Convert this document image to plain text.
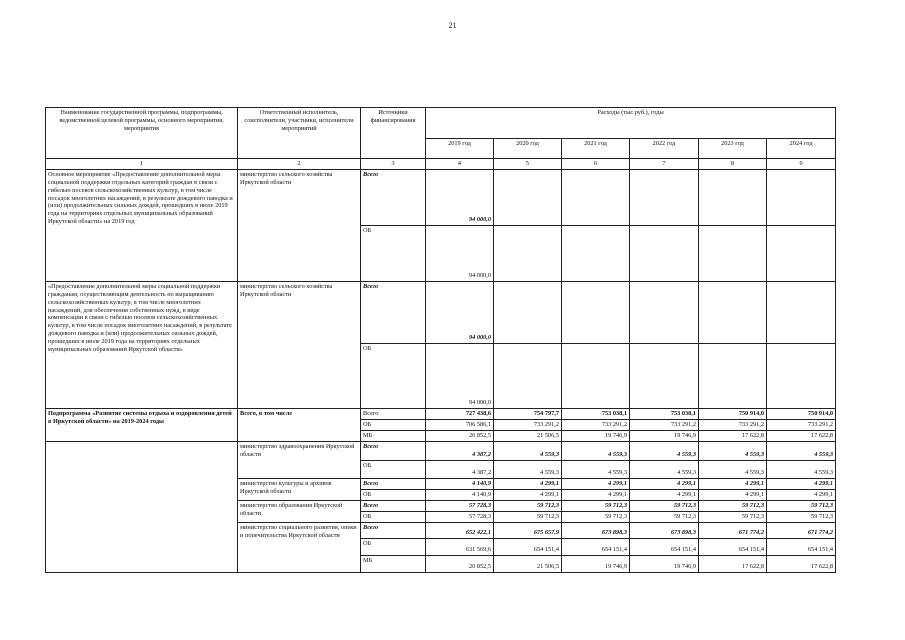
21
Наименование государственной программы, подпрограммы, ведомственной целевой программы, основного мероприятия, мероприятия	Ответственный исполнитель, соисполнители, участники, исполнители мероприятий	Источники финансирования	Расходы (тыс.руб.), годы					
			2019 год	2020 год	2021 год	2022 год	2023 год	2024 год
1	2	3	4	5	6	7	8	9
Основное мероприятие «Предоставление дополнительной меры социальной поддержки отдельных категорий граждан в связи с гибелью посевов сельскохозяйственных культур, в том числе посадок многолетних насаждений, в результате дождевого паводка и (или) продолжительных сильных дождей, прошедших в июле 2019 года на территориях отдельных муниципальных образований Иркутской области» на 2019 год	министерство сельского хозяйства Иркутской области	Всего	94 000,0					
		ОБ	94 000,0					
«Предоставление дополнительной меры социальной поддержки гражданам, осуществляющим деятельность по выращиванию сельскохозяйственных культур, в том числе многолетних насаждений, для обеспечения собственных нужд, в виде компенсации в связи с гибелью посевов сельскохозяйственных культур, в том числе посадок многолетних насаждений, в результате дождевого паводка и (или) продолжительных сильных дождей, прошедших в июле 2019 года на территориях отдельных муниципальных образований Иркутской области»	министерство сельского хозяйства Иркутской области	Всего	94 000,0					
		ОБ	94 000,0					
Подпрограмма «Развитие системы отдыха и оздоровления детей в Иркутской области» на 2019-2024 годы	Всего, в том числе	Всего	727 438,6	754 797,7	753 038,1	753 038,1	750 914,0	750 914,0
		ОБ	706 586,1	733 291,2	733 291,2	733 291,2	733 291,2	733 291,2
		МБ	20 852,5	21 506,5	19 746,9	19 746,9	17 622,8	17 622,8
	министерство здравоохранения Иркутской области	Всего	4 387,2	4 559,3	4 559,3	4 559,3	4 559,3	4 559,3
		ОБ	4 387,2	4 559,3	4 559,3	4 559,3	4 559,3	4 559,3
	министерство культуры и архивов Иркутской области	Всего	4 140,9	4 299,1	4 299,1	4 299,1	4 299,1	4 299,1
		ОБ	4 140,9	4 299,1	4 299,1	4 299,1	4 299,1	4 299,1
	министерство образования Иркутской области	Всего	57 728,3	59 712,3	59 712,3	59 712,3	59 712,3	59 712,3
		ОБ	57 728,3	59 712,3	59 712,3	59 712,3	59 712,3	59 712,3
	министерство социального развития, опеки и попечительства Иркутской области	Всего	652 422,1	675 657,9	673 898,3	673 898,3	671 774,2	671 774,2
		ОБ	631 569,6	654 151,4	654 151,4	654 151,4	654 151,4	654 151,4
		МБ	20 852,5	21 506,5	19 746,9	19 746,9	17 622,8	17 622,8
